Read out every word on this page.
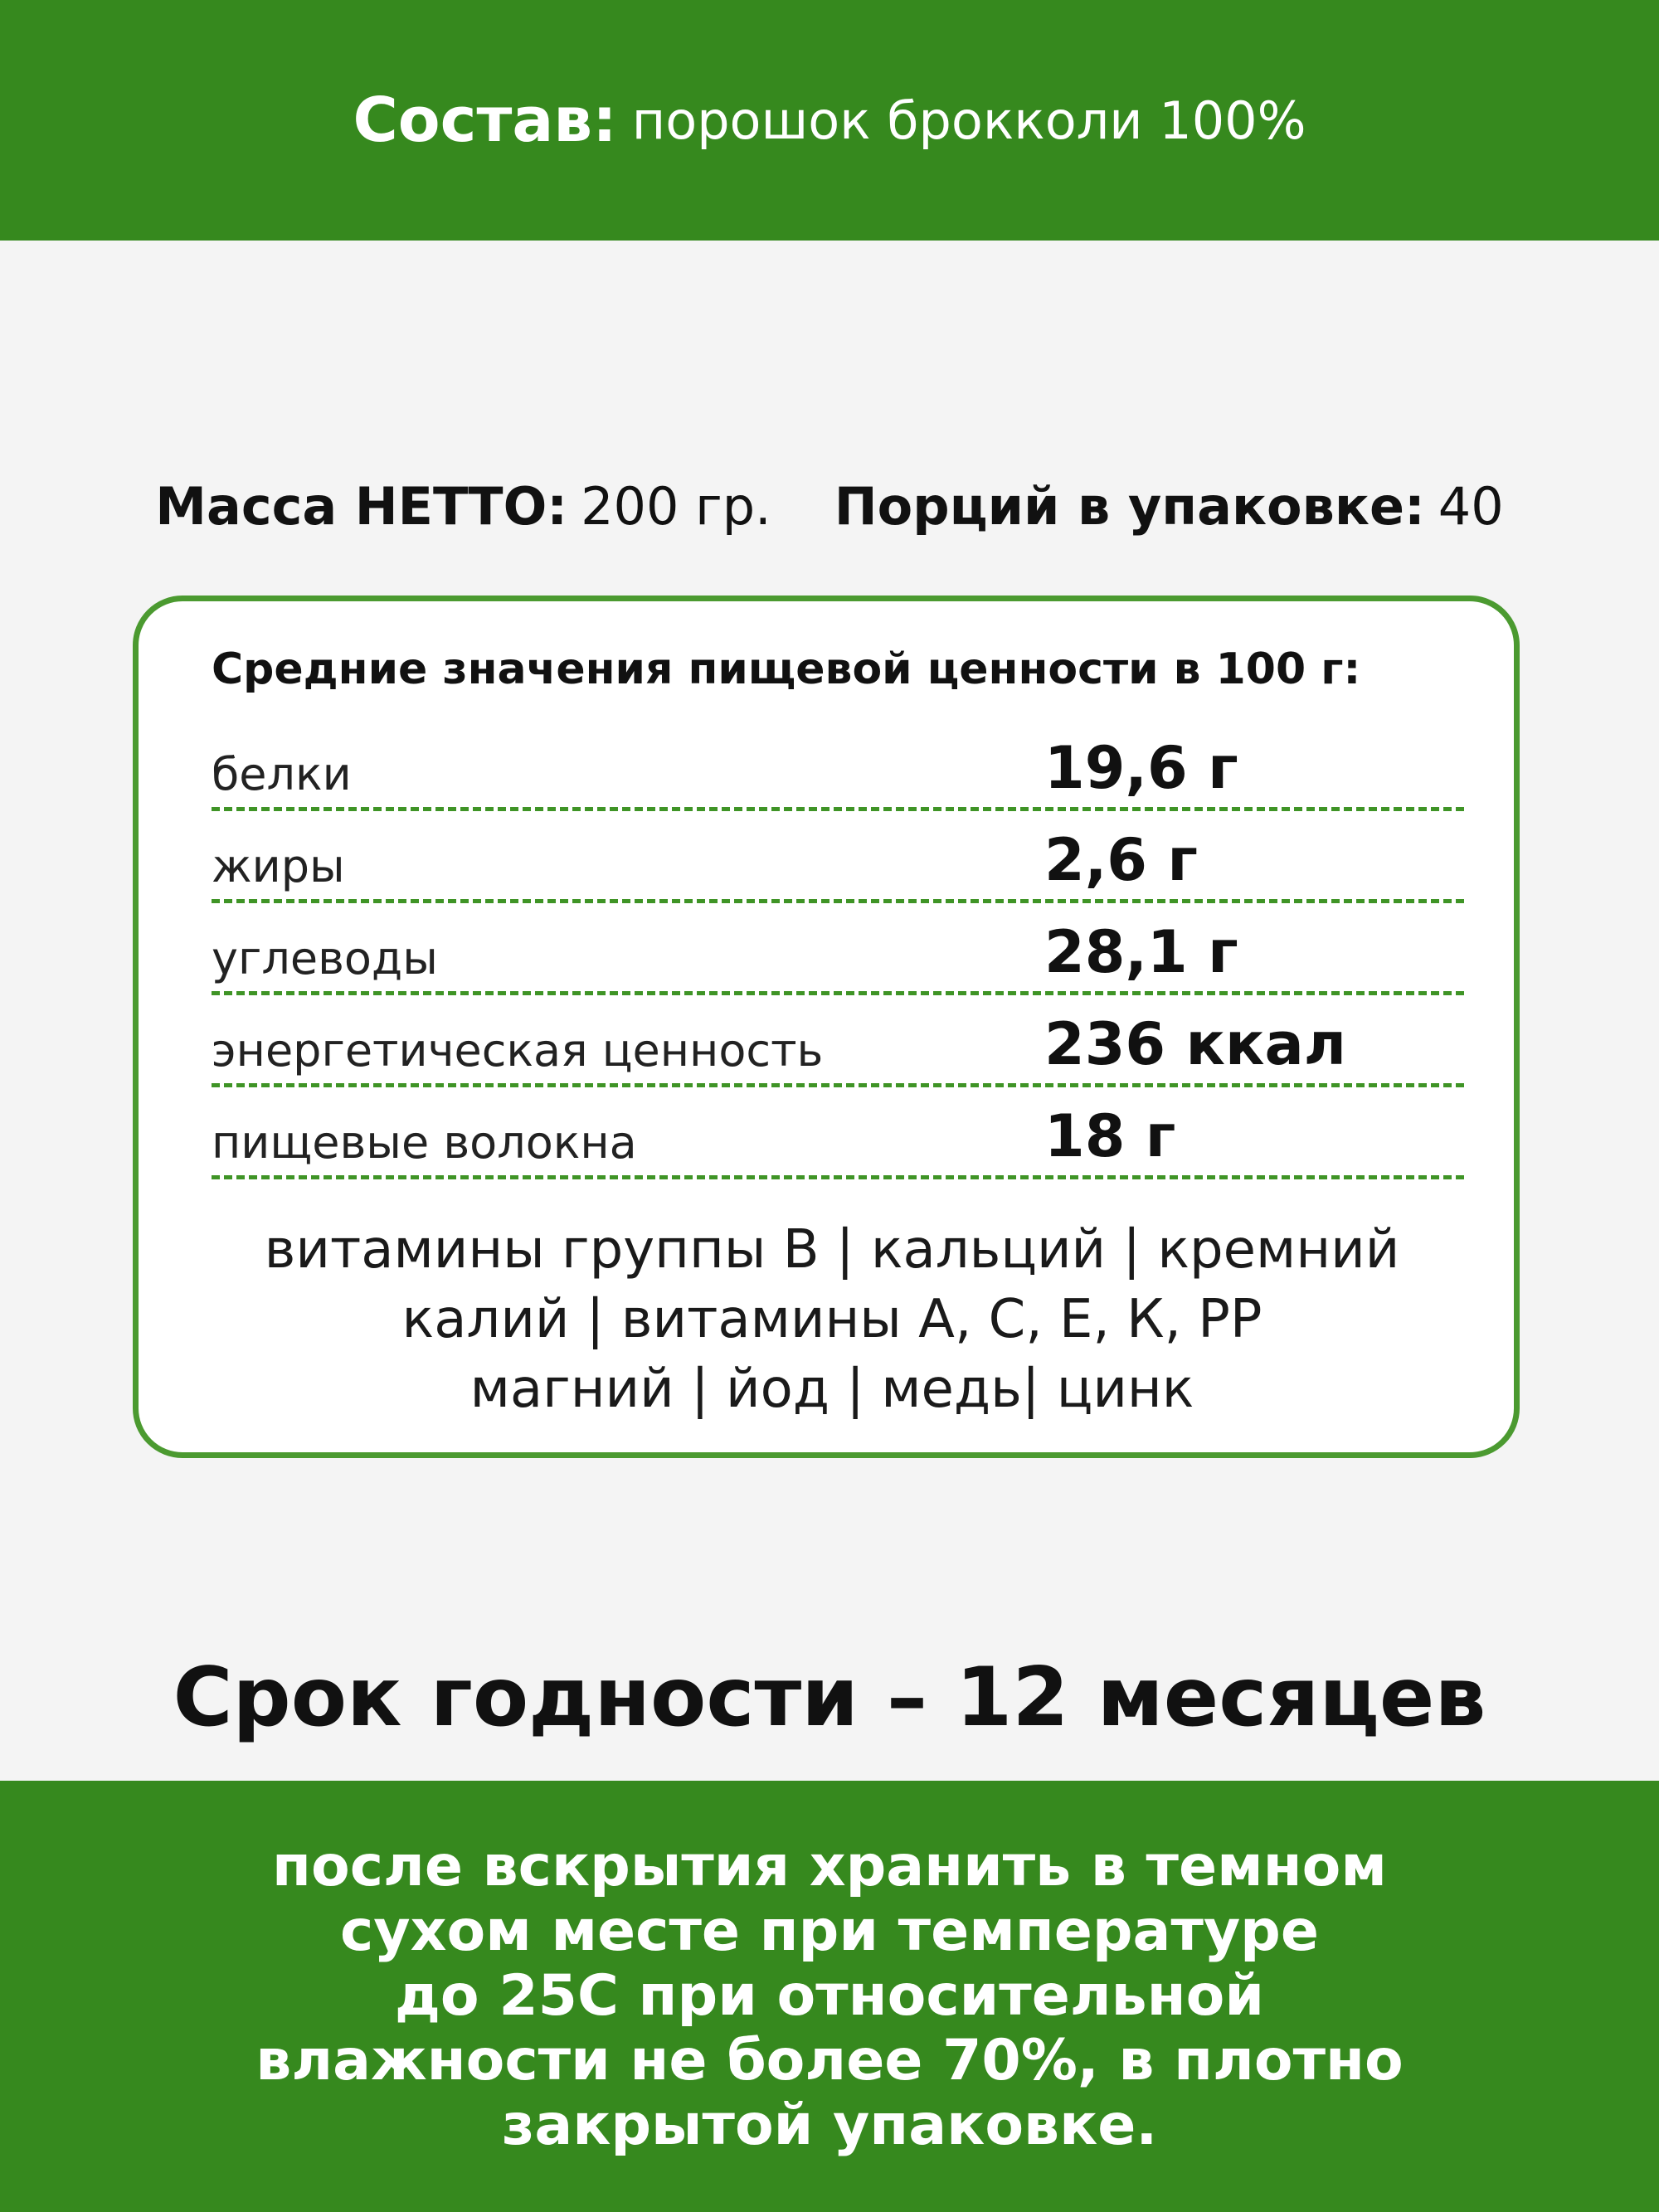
Состав: порошок брокколи 100%
Масса НЕТТО: 200 гр. Порций в упаковке: 40
Средние значения пищевой ценности в 100 г:
белки	19,6 г
жиры	2,6 г
углеводы	28,1 г
энергетическая ценность	236 ккал
пищевые волокна	18 г
витамины группы В | кальций | кремний
калий | витамины А, С, Е, К, РР
магний | йод | медь| цинк
Срок годности – 12 месяцев
после вскрытия хранить в темном
сухом месте при температуре
до 25С при относительной
влажности не более 70%, в плотно
закрытой упаковке.
